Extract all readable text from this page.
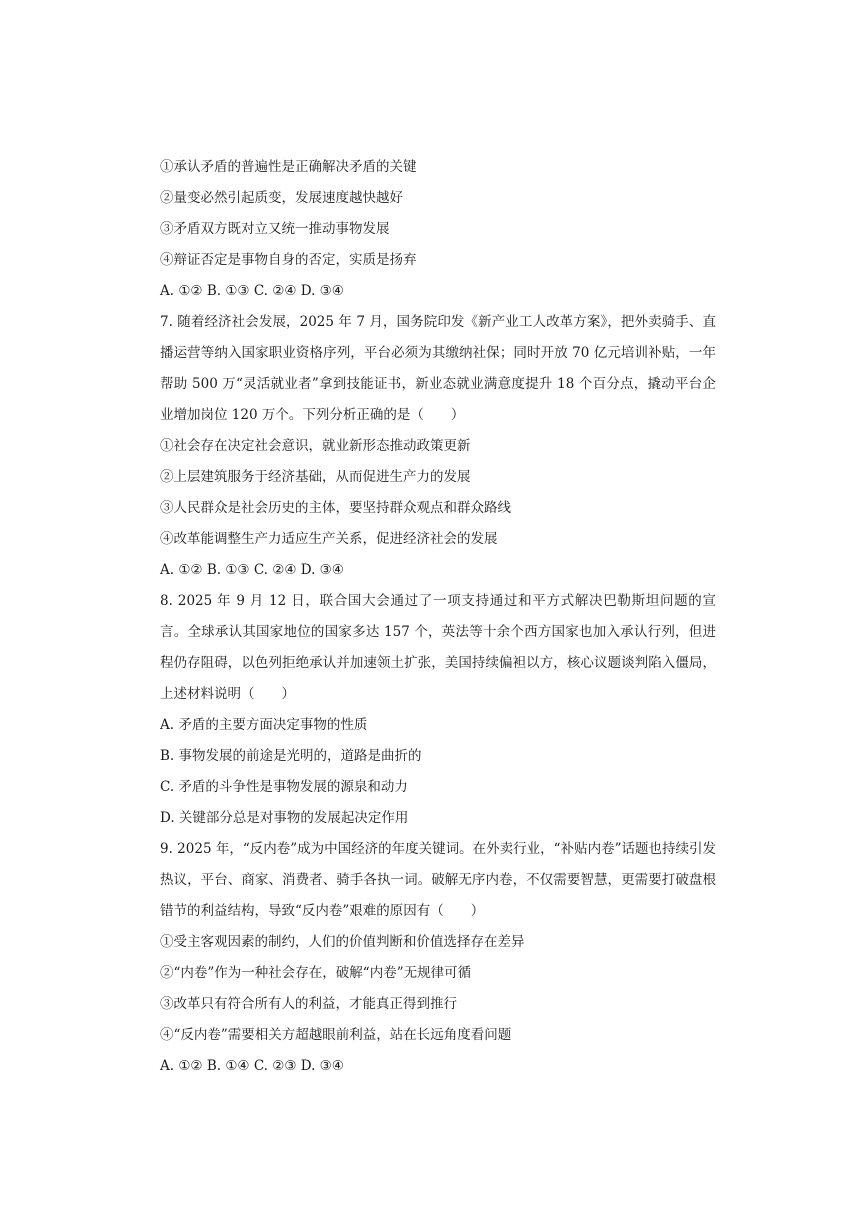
①承认矛盾的普遍性是正确解决矛盾的关键
②量变必然引起质变，发展速度越快越好
③矛盾双方既对立又统一推动事物发展
④辩证否定是事物自身的否定，实质是扬弃
A. ①② B. ①③ C. ②④ D. ③④
7. 随着经济社会发展，2025 年 7 月，国务院印发《新产业工人改革方案》，把外卖骑手、直播运营等纳入国家职业资格序列，平台必须为其缴纳社保；同时开放 70 亿元培训补贴，一年帮助 500 万“灵活就业者”拿到技能证书，新业态就业满意度提升 18 个百分点，撬动平台企业增加岗位 120 万个。下列分析正确的是（　　）
①社会存在决定社会意识，就业新形态推动政策更新
②上层建筑服务于经济基础，从而促进生产力的发展
③人民群众是社会历史的主体，要坚持群众观点和群众路线
④改革能调整生产力适应生产关系，促进经济社会的发展
A. ①② B. ①③ C. ②④ D. ③④
8. 2025 年 9 月 12 日，联合国大会通过了一项支持通过和平方式解决巴勒斯坦问题的宣言。全球承认其国家地位的国家多达 157 个，英法等十余个西方国家也加入承认行列，但进程仍存阻碍，以色列拒绝承认并加速领土扩张，美国持续偏袒以方，核心议题谈判陷入僵局，上述材料说明（　　）
A. 矛盾的主要方面决定事物的性质
B. 事物发展的前途是光明的，道路是曲折的
C. 矛盾的斗争性是事物发展的源泉和动力
D. 关键部分总是对事物的发展起决定作用
9. 2025 年，“反内卷”成为中国经济的年度关键词。在外卖行业，“补贴内卷”话题也持续引发热议，平台、商家、消费者、骑手各执一词。破解无序内卷，不仅需要智慧，更需要打破盘根错节的利益结构，导致“反内卷”艰难的原因有（　　）
①受主客观因素的制约，人们的价值判断和价值选择存在差异
②“内卷”作为一种社会存在，破解“内卷”无规律可循
③改革只有符合所有人的利益，才能真正得到推行
④“反内卷”需要相关方超越眼前利益，站在长远角度看问题
A. ①② B. ①④ C. ②③ D. ③④
